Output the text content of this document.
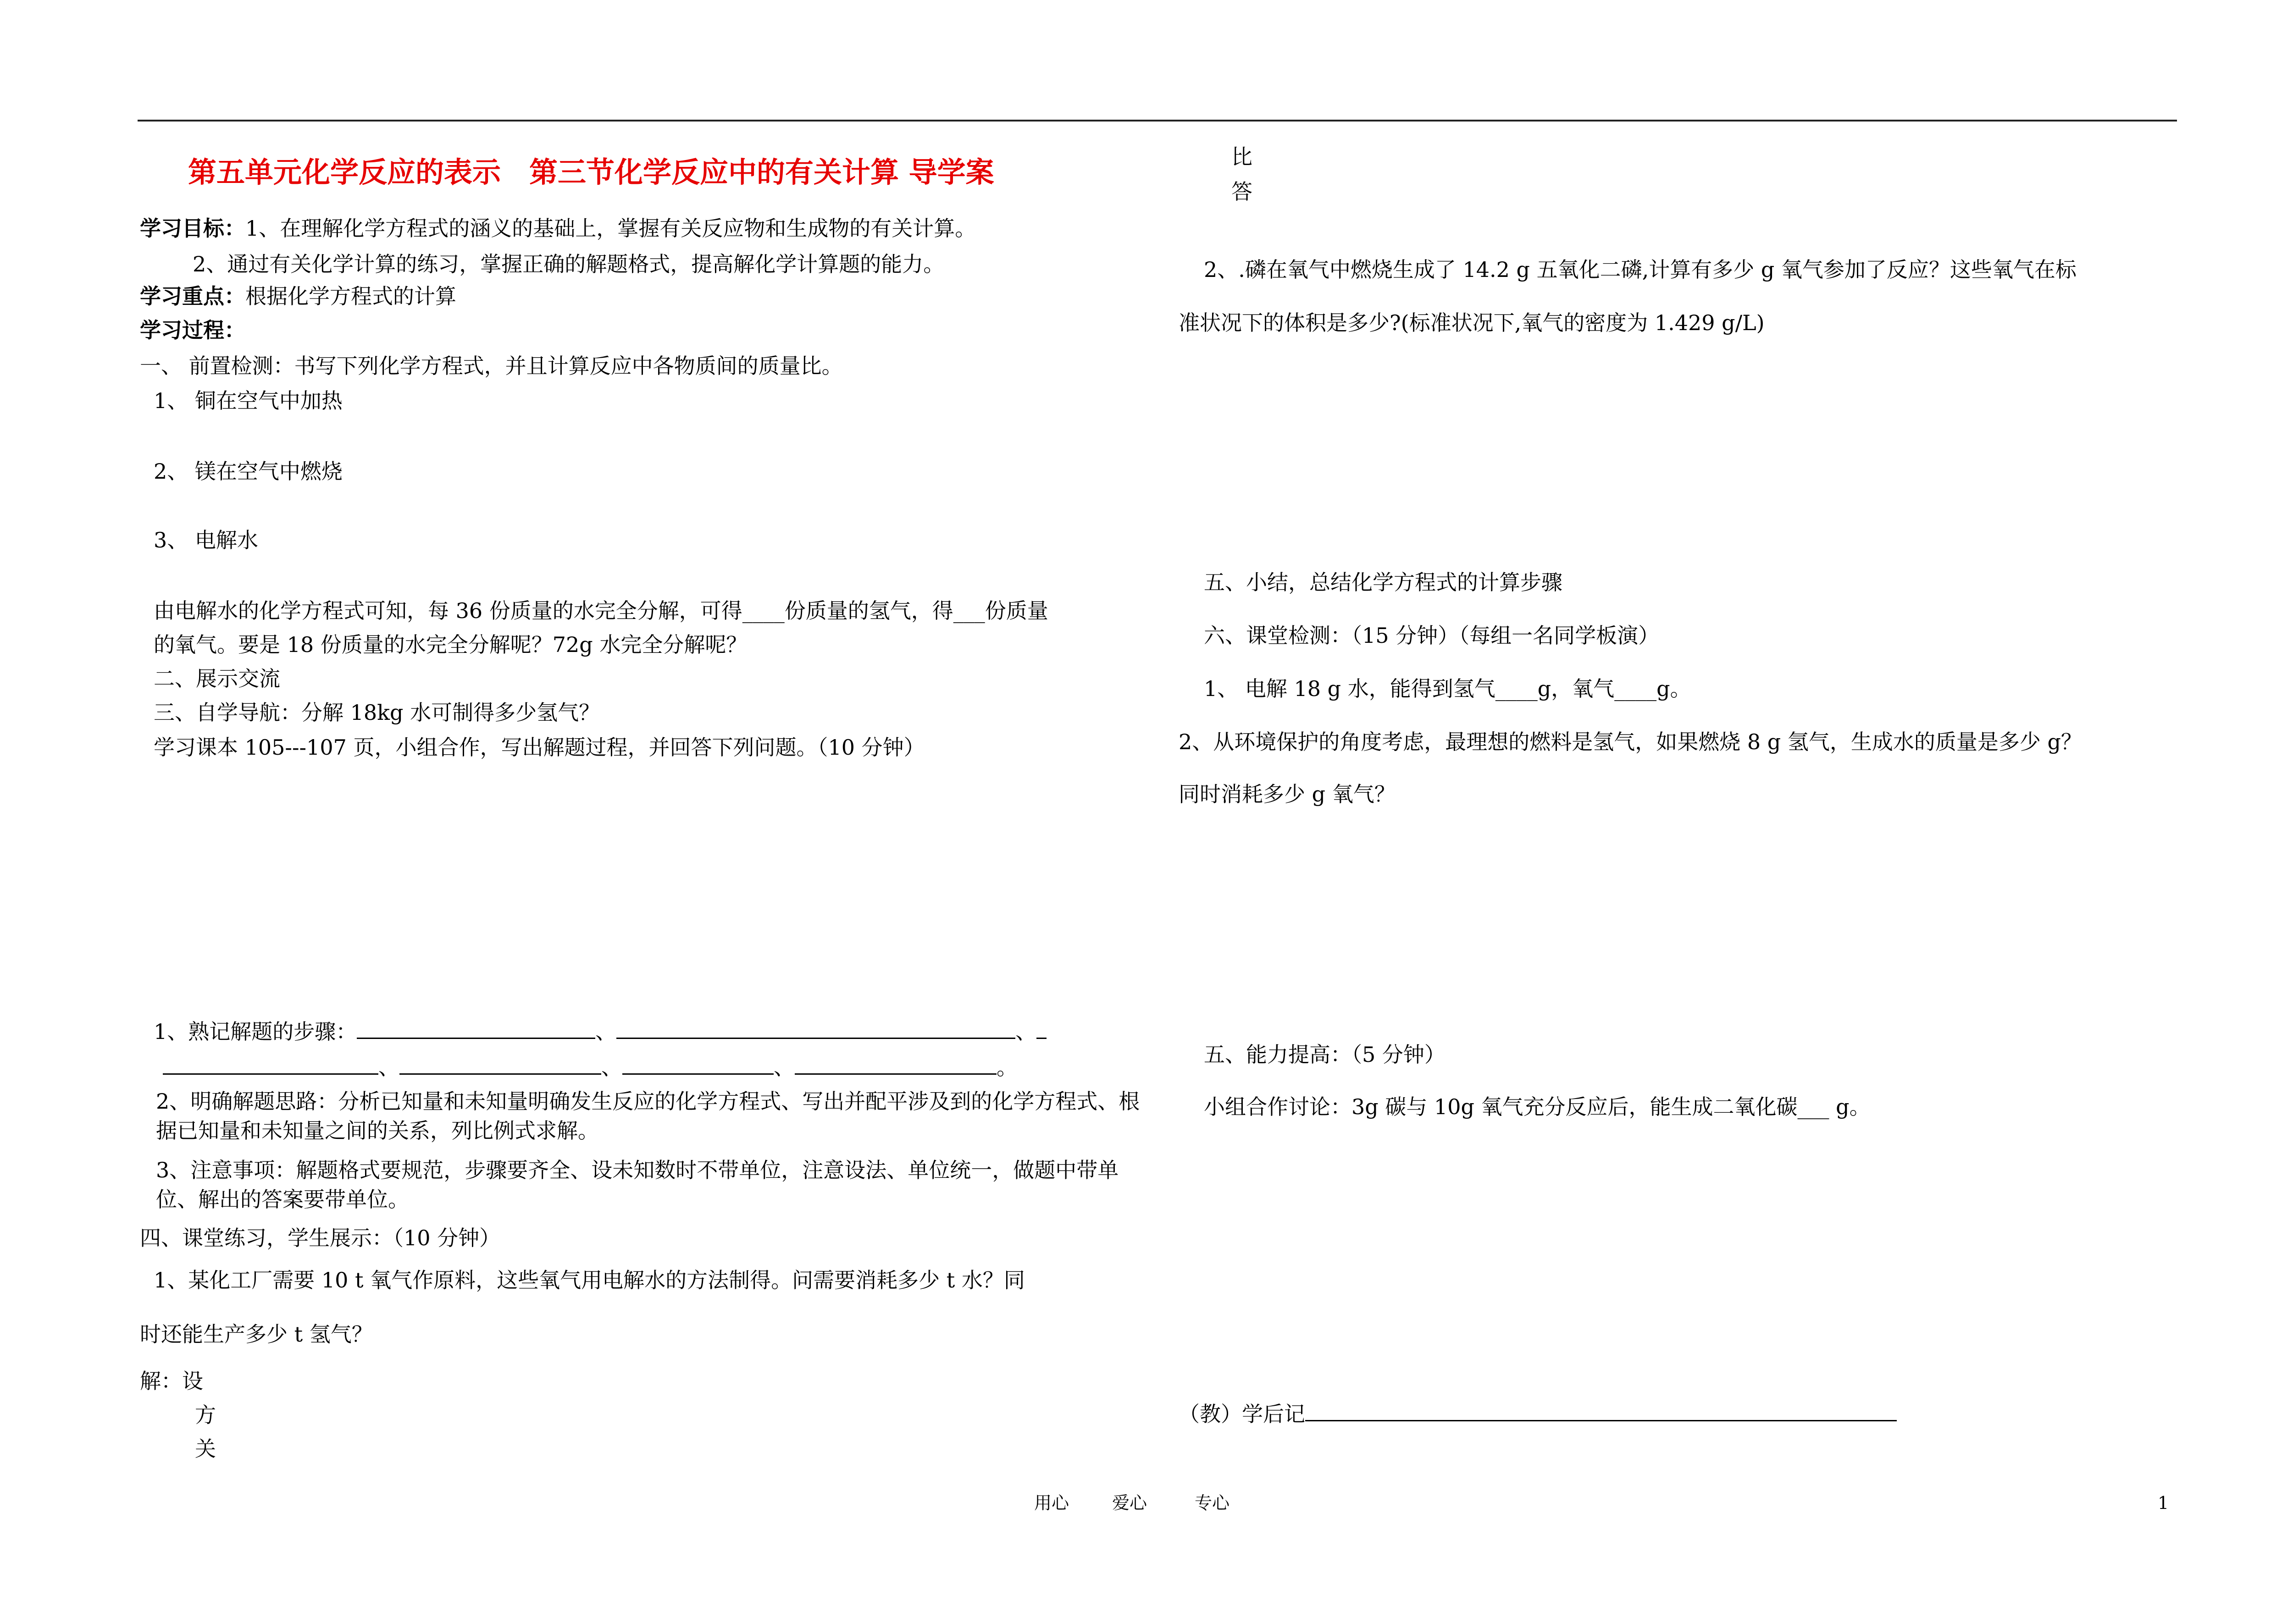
第五单元化学反应的表示　第三节化学反应中的有关计算 导学案
学习目标：1、在理解化学方程式的涵义的基础上，掌握有关反应物和生成物的有关计算。
2、通过有关化学计算的练习，掌握正确的解题格式，提高解化学计算题的能力。
学习重点：根据化学方程式的计算
学习过程：
一、 前置检测：书写下列化学方程式，并且计算反应中各物质间的质量比。
1、 铜在空气中加热
2、 镁在空气中燃烧
3、 电解水
由电解水的化学方程式可知，每 36 份质量的水完全分解，可得____份质量的氢气，得___份质量
的氧气。要是 18 份质量的水完全分解呢？72g 水完全分解呢？
二、展示交流
三、自学导航：分解 18kg 水可制得多少氢气？
学习课本 105---107 页，小组合作，写出解题过程，并回答下列问题。（10 分钟）
1、熟记解题的步骤：	、	、
、	、	、	。
2、明确解题思路：分析已知量和未知量明确发生反应的化学方程式、写出并配平涉及到的化学方程式、根据已知量和未知量之间的关系，列比例式求解。
3、注意事项：解题格式要规范，步骤要齐全、设未知数时不带单位，注意设法、单位统一，做题中带单位、解出的答案要带单位。
四、课堂练习，学生展示：（10 分钟）
1、某化工厂需要 10 t 氧气作原料，这些氧气用电解水的方法制得。问需要消耗多少 t 水？同
时还能生产多少 t 氢气？
解：设
方
关
比
答
2、.磷在氧气中燃烧生成了 14.2 g 五氧化二磷,计算有多少 g 氧气参加了反应？这些氧气在标
准状况下的体积是多少?(标准状况下,氧气的密度为 1.429 g/L)
五、小结，总结化学方程式的计算步骤
六、课堂检测：（15 分钟）（每组一名同学板演）
1、 电解 18 g 水，能得到氢气____g，氧气____g。
2、从环境保护的角度考虑，最理想的燃料是氢气，如果燃烧 8 g 氢气，生成水的质量是多少 g？
同时消耗多少 g 氧气？
五、能力提高：（5 分钟）
小组合作讨论：3g 碳与 10g 氧气充分反应后，能生成二氧化碳___ g。
（教）学后记
用心 爱心	专心	1
